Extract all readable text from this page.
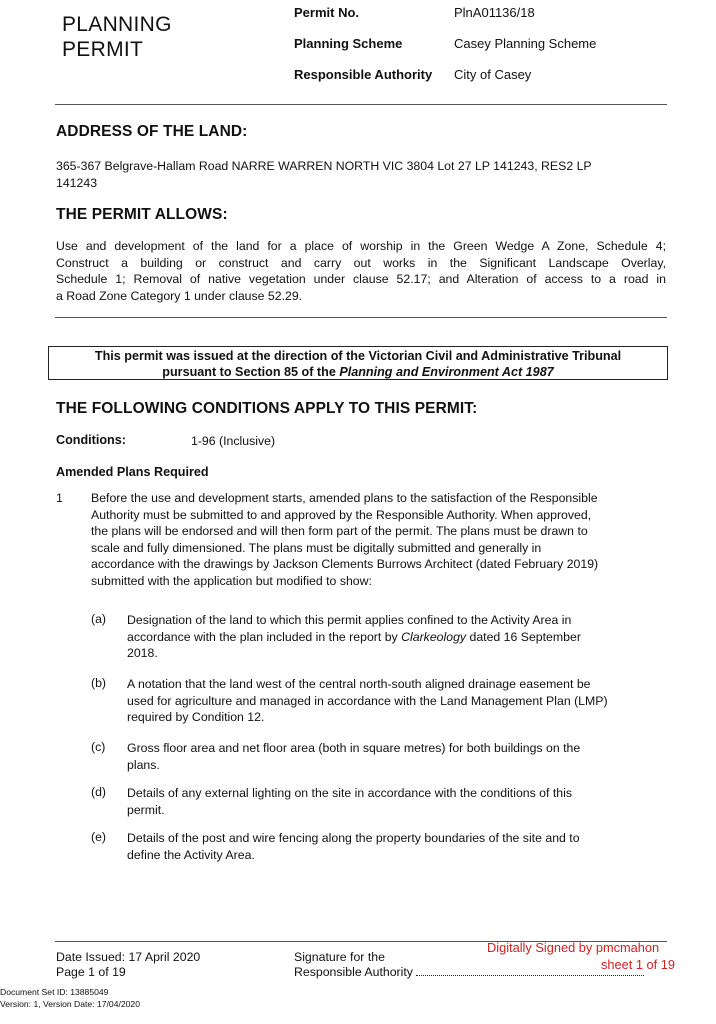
PLANNING
PERMIT
Permit No.	PlnA01136/18
Planning Scheme	Casey Planning Scheme
Responsible Authority City of Casey
ADDRESS OF THE LAND:
365-367 Belgrave-Hallam Road NARRE WARREN NORTH VIC 3804 Lot 27 LP 141243, RES2 LP
141243
THE PERMIT ALLOWS:
Use and development of the land for a place of worship in the Green Wedge A Zone, Schedule 4;
Construct a building or construct and carry out works in the Significant Landscape Overlay,
Schedule 1; Removal of native vegetation under clause 52.17; and Alteration of access to a road in
a Road Zone Category 1 under clause 52.29.
This permit was issued at the direction of the Victorian Civil and Administrative Tribunal
pursuant to Section 85 of the Planning and Environment Act 1987
THE FOLLOWING CONDITIONS APPLY TO THIS PERMIT:
Conditions:	1-96 (Inclusive)
Amended Plans Required
1 Before the use and development starts, amended plans to the satisfaction of the Responsible
Authority must be submitted to and approved by the Responsible Authority. When approved,
the plans will be endorsed and will then form part of the permit. The plans must be drawn to
scale and fully dimensioned. The plans must be digitally submitted and generally in
accordance with the drawings by Jackson Clements Burrows Architect (dated February 2019)
submitted with the application but modified to show:
(a) Designation of the land to which this permit applies confined to the Activity Area in
accordance with the plan included in the report by Clarkeology dated 16 September
2018.
(b) A notation that the land west of the central north-south aligned drainage easement be
used for agriculture and managed in accordance with the Land Management Plan (LMP)
required by Condition 12.
(c) Gross floor area and net floor area (both in square metres) for both buildings on the
plans.
(d) Details of any external lighting on the site in accordance with the conditions of this
permit.
(e) Details of the post and wire fencing along the property boundaries of the site and to
define the Activity Area.
Date Issued: 17 April 2020
Page 1 of 19
Signature for the
Responsible Authority
Digitally Signed by pmcmahon
sheet 1 of 19
Document Set ID: 13885049
Version: 1, Version Date: 17/04/2020
